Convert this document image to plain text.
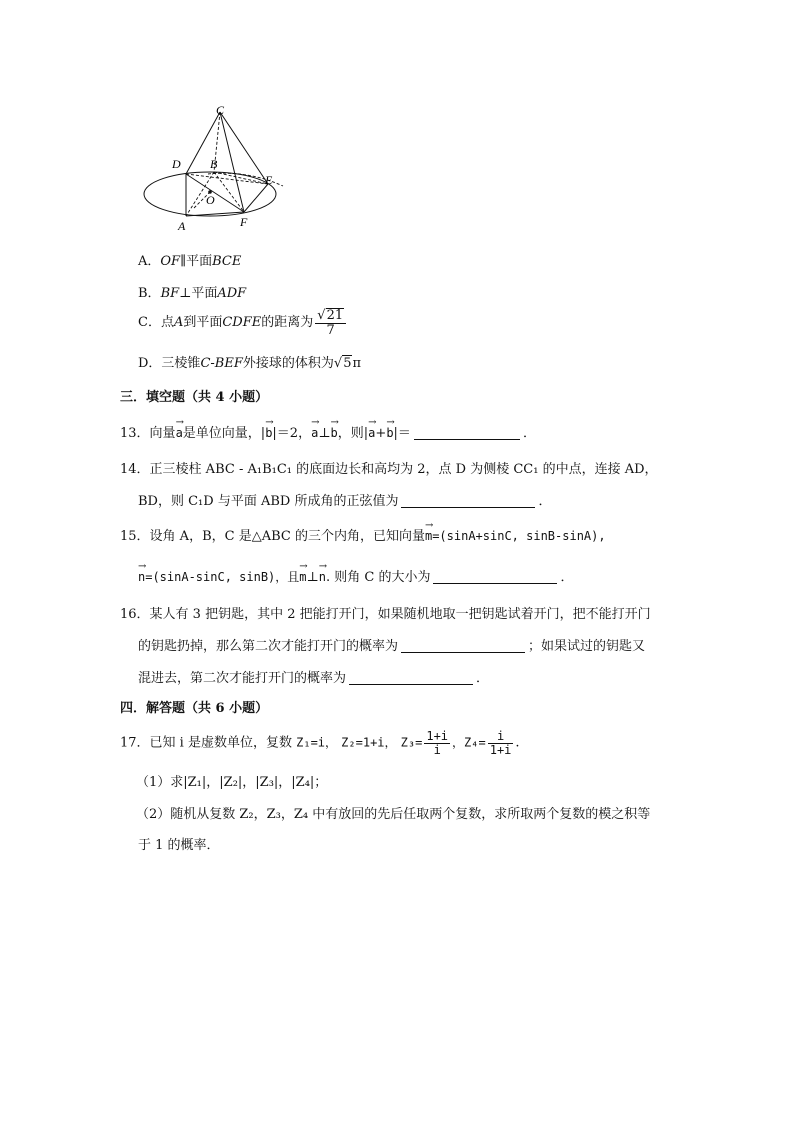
C
D B
E
O
A	F
A．OF∥平面BCE
B．BF⊥平面ADF
C．点A到平面CDFE的距离为 $\frac{√21}{7}$
D．三棱锥C-BEF外接球的体积为√5π
三．填空题（共 4 小题）
13．向量→ a是单位向量，|→ b|＝2，→ a⊥→ b，则|→ a+→ b|＝	．
14．正三棱柱 ABC - A₁B₁C₁ 的底面边长和高均为 2，点 D 为侧棱 CC₁ 的中点，连接 AD，
BD，则 C₁D 与平面 ABD 所成角的正弦值为	．
15．设角 A，B，C 是△ABC 的三个内角，已知向量→ m=(sinA+sinC, sinB-sinA),
→ n=(sinA-sinC, sinB)，且→ m⊥→ n. 则角 C 的大小为	．
16．某人有 3 把钥匙，其中 2 把能打开门，如果随机地取一把钥匙试着开门，把不能打开门
的钥匙扔掉，那么第二次才能打开门的概率为	；如果试过的钥匙又
混进去，第二次才能打开门的概率为	．
四．解答题（共 6 小题）
17．已知 i 是虚数单位，复数 Z₁=i， Z₂=1+i， $Z_3= \frac{1+i}{i}$ ，$Z_4= \frac{i}{1+i}$ .
（1）求|Z₁|，|Z₂|，|Z₃|，|Z₄|；
（2）随机从复数 Z₂，Z₃，Z₄ 中有放回的先后任取两个复数，求所取两个复数的模之积等
于 1 的概率．
